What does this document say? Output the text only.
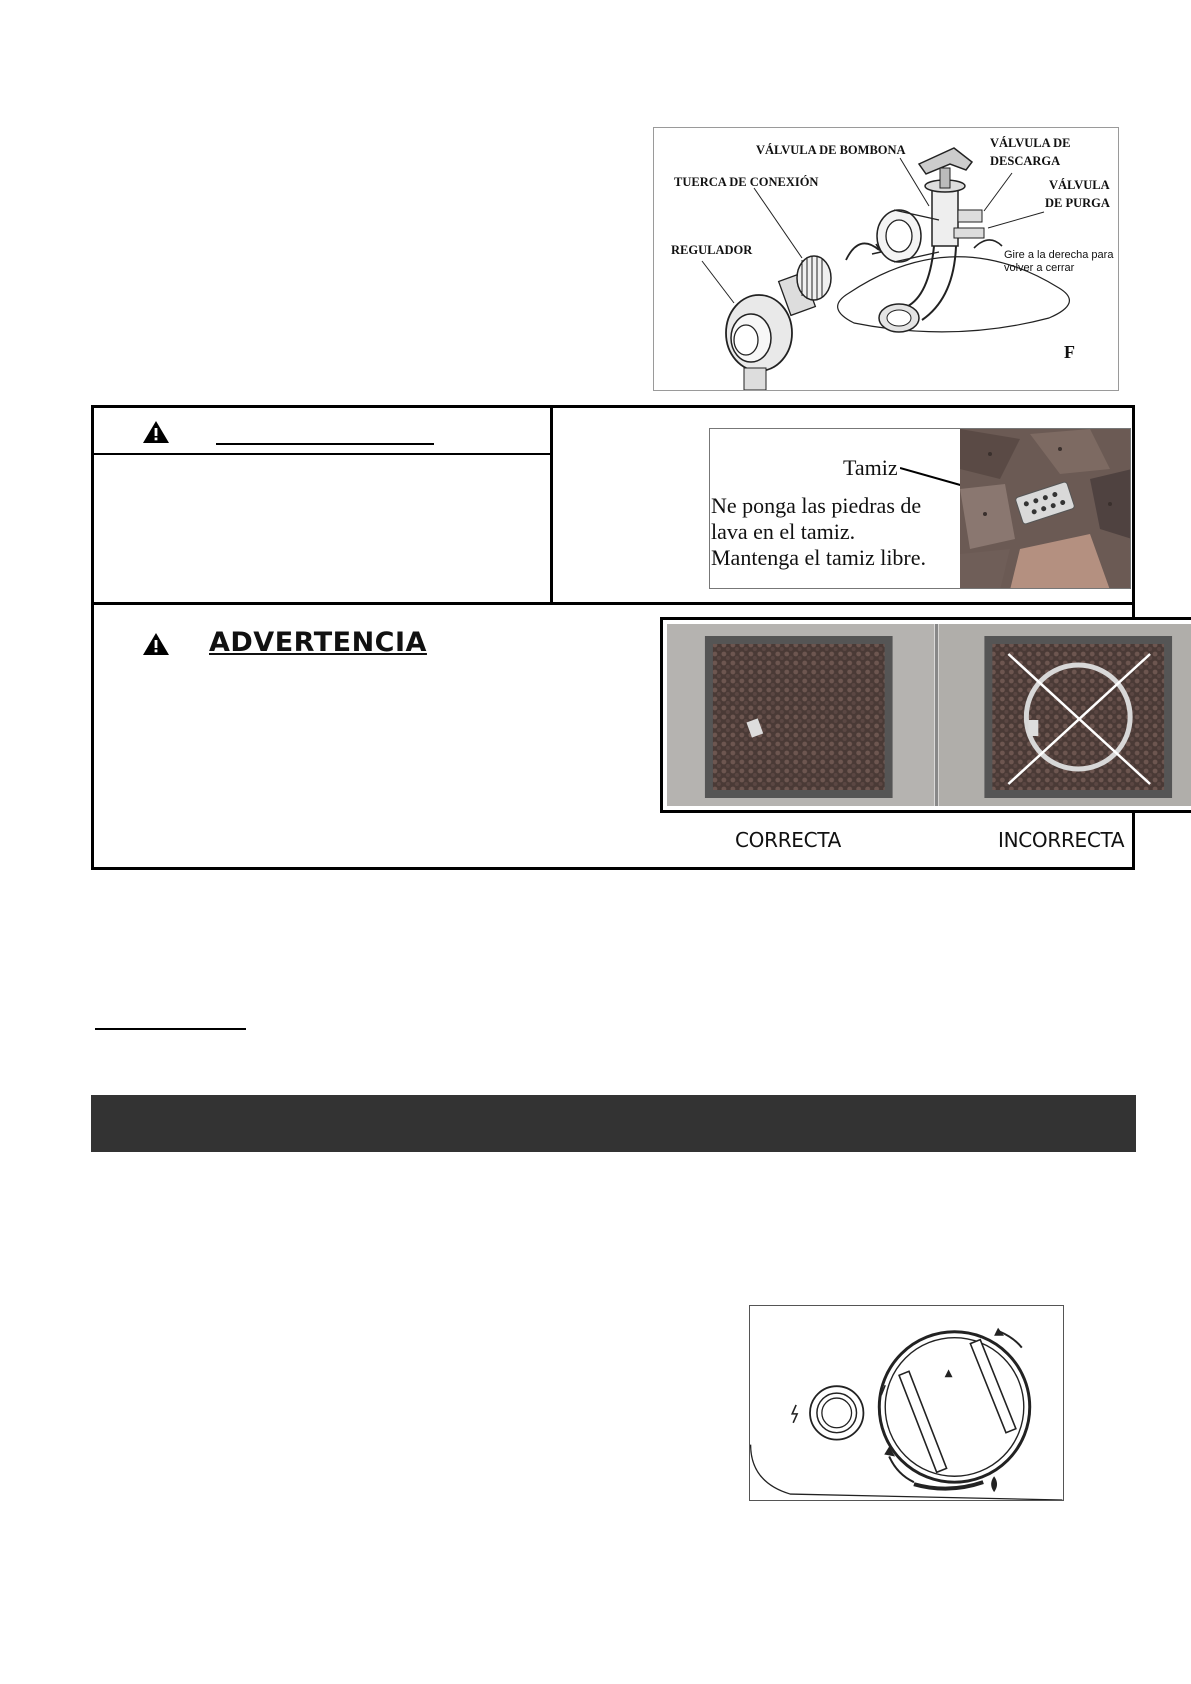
VÁLVULA DE BOMBONA	VÁLVULA DE
DESCARGA
VÁLVULA
DE PURGA
TUERCA DE CONEXIÓN
REGULADOR	Gire a la derecha para
volver a cerrar
F
Tamiz
Ne ponga las piedras de
lava en el tamiz.
Mantenga el tamiz libre.
ADVERTENCIA
CORRECTA	INCORRECTA
